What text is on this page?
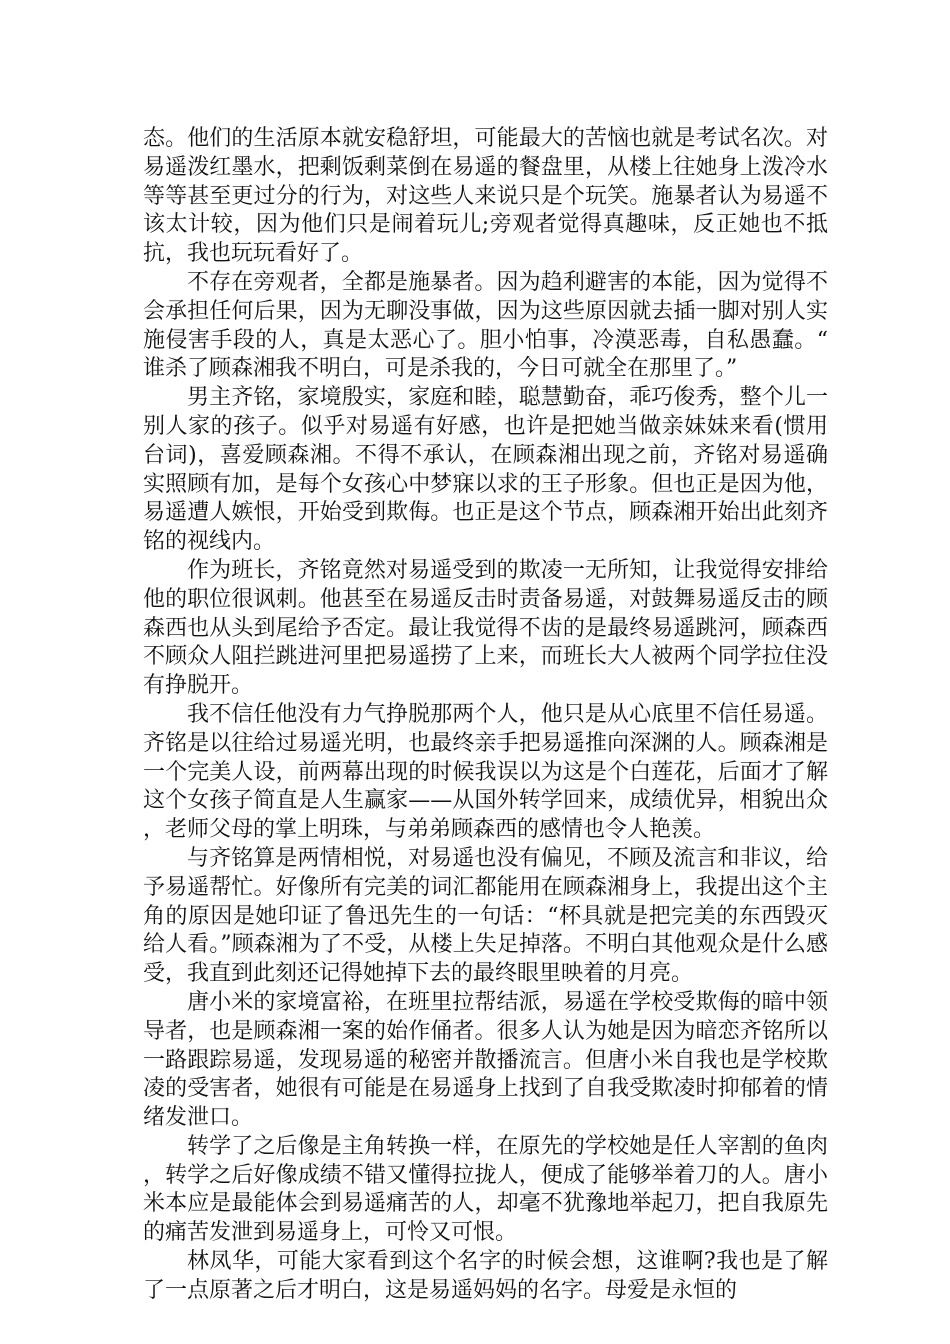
态。他们的生活原本就安稳舒坦，可能最大的苦恼也就是考试名次。对易遥泼红墨水，把剩饭剩菜倒在易遥的餐盘里，从楼上往她身上泼冷水等等甚至更过分的行为，对这些人来说只是个玩笑。施暴者认为易遥不该太计较，因为他们只是闹着玩儿;旁观者觉得真趣味，反正她也不抵抗，我也玩玩看好了。

不存在旁观者，全都是施暴者。因为趋利避害的本能，因为觉得不会承担任何后果，因为无聊没事做，因为这些原因就去插一脚对别人实施侵害手段的人，真是太恶心了。胆小怕事，冷漠恶毒，自私愚蠢。“谁杀了顾森湘我不明白，可是杀我的，今日可就全在那里了。”

男主齐铭，家境殷实，家庭和睦，聪慧勤奋，乖巧俊秀，整个儿一别人家的孩子。似乎对易遥有好感，也许是把她当做亲妹妹来看(惯用台词)，喜爱顾森湘。不得不承认，在顾森湘出现之前，齐铭对易遥确实照顾有加，是每个女孩心中梦寐以求的王子形象。但也正是因为他，易遥遭人嫉恨，开始受到欺侮。也正是这个节点，顾森湘开始出此刻齐铭的视线内。

作为班长，齐铭竟然对易遥受到的欺凌一无所知，让我觉得安排给他的职位很讽刺。他甚至在易遥反击时责备易遥，对鼓舞易遥反击的顾森西也从头到尾给予否定。最让我觉得不齿的是最终易遥跳河，顾森西不顾众人阻拦跳进河里把易遥捞了上来，而班长大人被两个同学拉住没有挣脱开。

我不信任他没有力气挣脱那两个人，他只是从心底里不信任易遥。齐铭是以往给过易遥光明，也最终亲手把易遥推向深渊的人。顾森湘是一个完美人设，前两幕出现的时候我误以为这是个白莲花，后面才了解这个女孩子简直是人生赢家——从国外转学回来，成绩优异，相貌出众，老师父母的掌上明珠，与弟弟顾森西的感情也令人艳羡。

与齐铭算是两情相悦，对易遥也没有偏见，不顾及流言和非议，给予易遥帮忙。好像所有完美的词汇都能用在顾森湘身上，我提出这个主角的原因是她印证了鲁迅先生的一句话：“杯具就是把完美的东西毁灭给人看。”顾森湘为了不受，从楼上失足掉落。不明白其他观众是什么感受，我直到此刻还记得她掉下去的最终眼里映着的月亮。

唐小米的家境富裕，在班里拉帮结派，易遥在学校受欺侮的暗中领导者，也是顾森湘一案的始作俑者。很多人认为她是因为暗恋齐铭所以一路跟踪易遥，发现易遥的秘密并散播流言。但唐小米自我也是学校欺凌的受害者，她很有可能是在易遥身上找到了自我受欺凌时抑郁着的情绪发泄口。

转学了之后像是主角转换一样，在原先的学校她是任人宰割的鱼肉，转学之后好像成绩不错又懂得拉拢人，便成了能够举着刀的人。唐小米本应是最能体会到易遥痛苦的人，却毫不犹豫地举起刀，把自我原先的痛苦发泄到易遥身上，可怜又可恨。

林凤华，可能大家看到这个名字的时候会想，这谁啊?我也是了解了一点原著之后才明白，这是易遥妈妈的名字。母爱是永恒的
